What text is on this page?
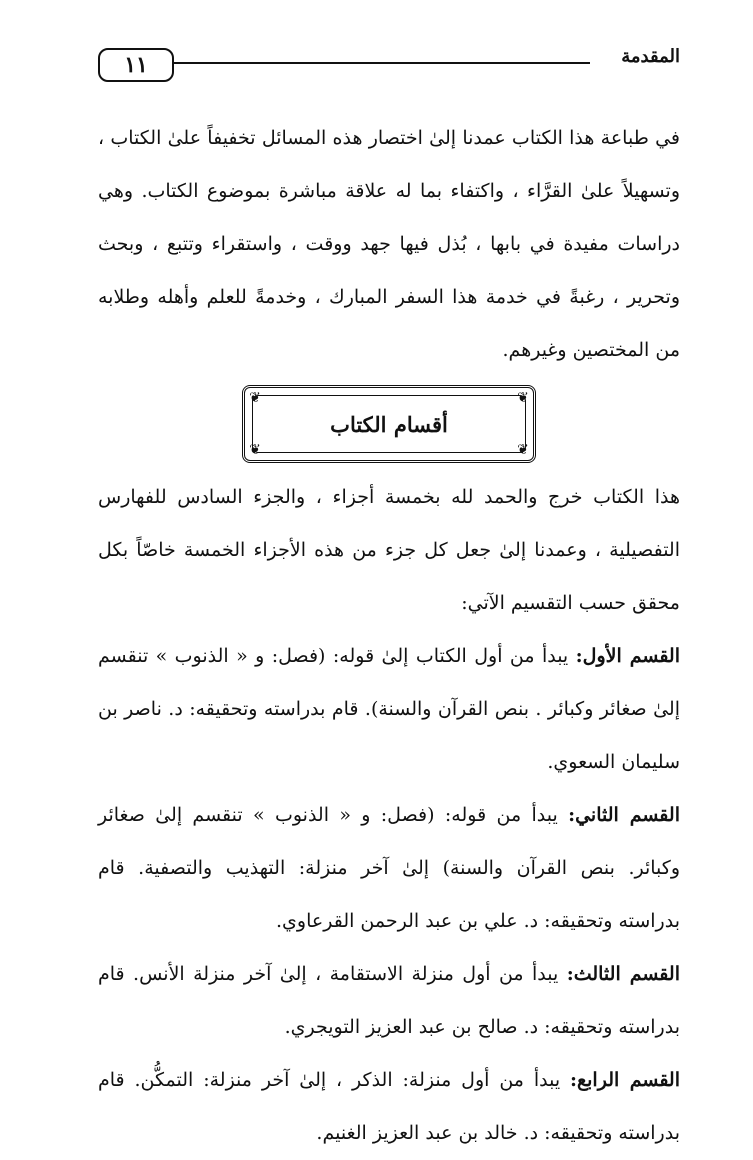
١١	المقدمة

في طباعة هذا الكتاب عمدنا إلىٰ اختصار هذه المسائل تخفيفاً علىٰ الكتاب ، وتسهيلاً علىٰ القرَّاء ، واكتفاء بما له علاقة مباشرة بموضوع الكتاب. وهي دراسات مفيدة في بابها ، بُذل فيها جهد ووقت ، واستقراء وتتبع ، وبحث وتحرير ، رغبةً في خدمة هذا السفر المبارك ، وخدمةً للعلم وأهله وطلابه من المختصين وغيرهم.

❦	❦
❦	❦
أقسام الكتاب

هذا الكتاب خرج والحمد لله بخمسة أجزاء ، والجزء السادس للفهارس التفصيلية ، وعمدنا إلىٰ جعل كل جزء من هذه الأجزاء الخمسة خاصّاً بكل محقق حسب التقسيم الآتي:

القسم الأول: يبدأ من أول الكتاب إلىٰ قوله: (فصل: و « الذنوب » تنقسم إلىٰ صغائر وكبائر . بنص القرآن والسنة). قام بدراسته وتحقيقه: د. ناصر بن سليمان السعوي.

القسم الثاني: يبدأ من قوله: (فصل: و « الذنوب » تنقسم إلىٰ صغائر وكبائر. بنص القرآن والسنة) إلىٰ آخر منزلة: التهذيب والتصفية. قام بدراسته وتحقيقه: د. علي بن عبد الرحمن القرعاوي.

القسم الثالث: يبدأ من أول منزلة الاستقامة ، إلىٰ آخر منزلة الأنس. قام بدراسته وتحقيقه: د. صالح بن عبد العزيز التويجري.

القسم الرابع: يبدأ من أول منزلة: الذكر ، إلىٰ آخر منزلة: التمكُّن. قام بدراسته وتحقيقه: د. خالد بن عبد العزيز الغنيم.
